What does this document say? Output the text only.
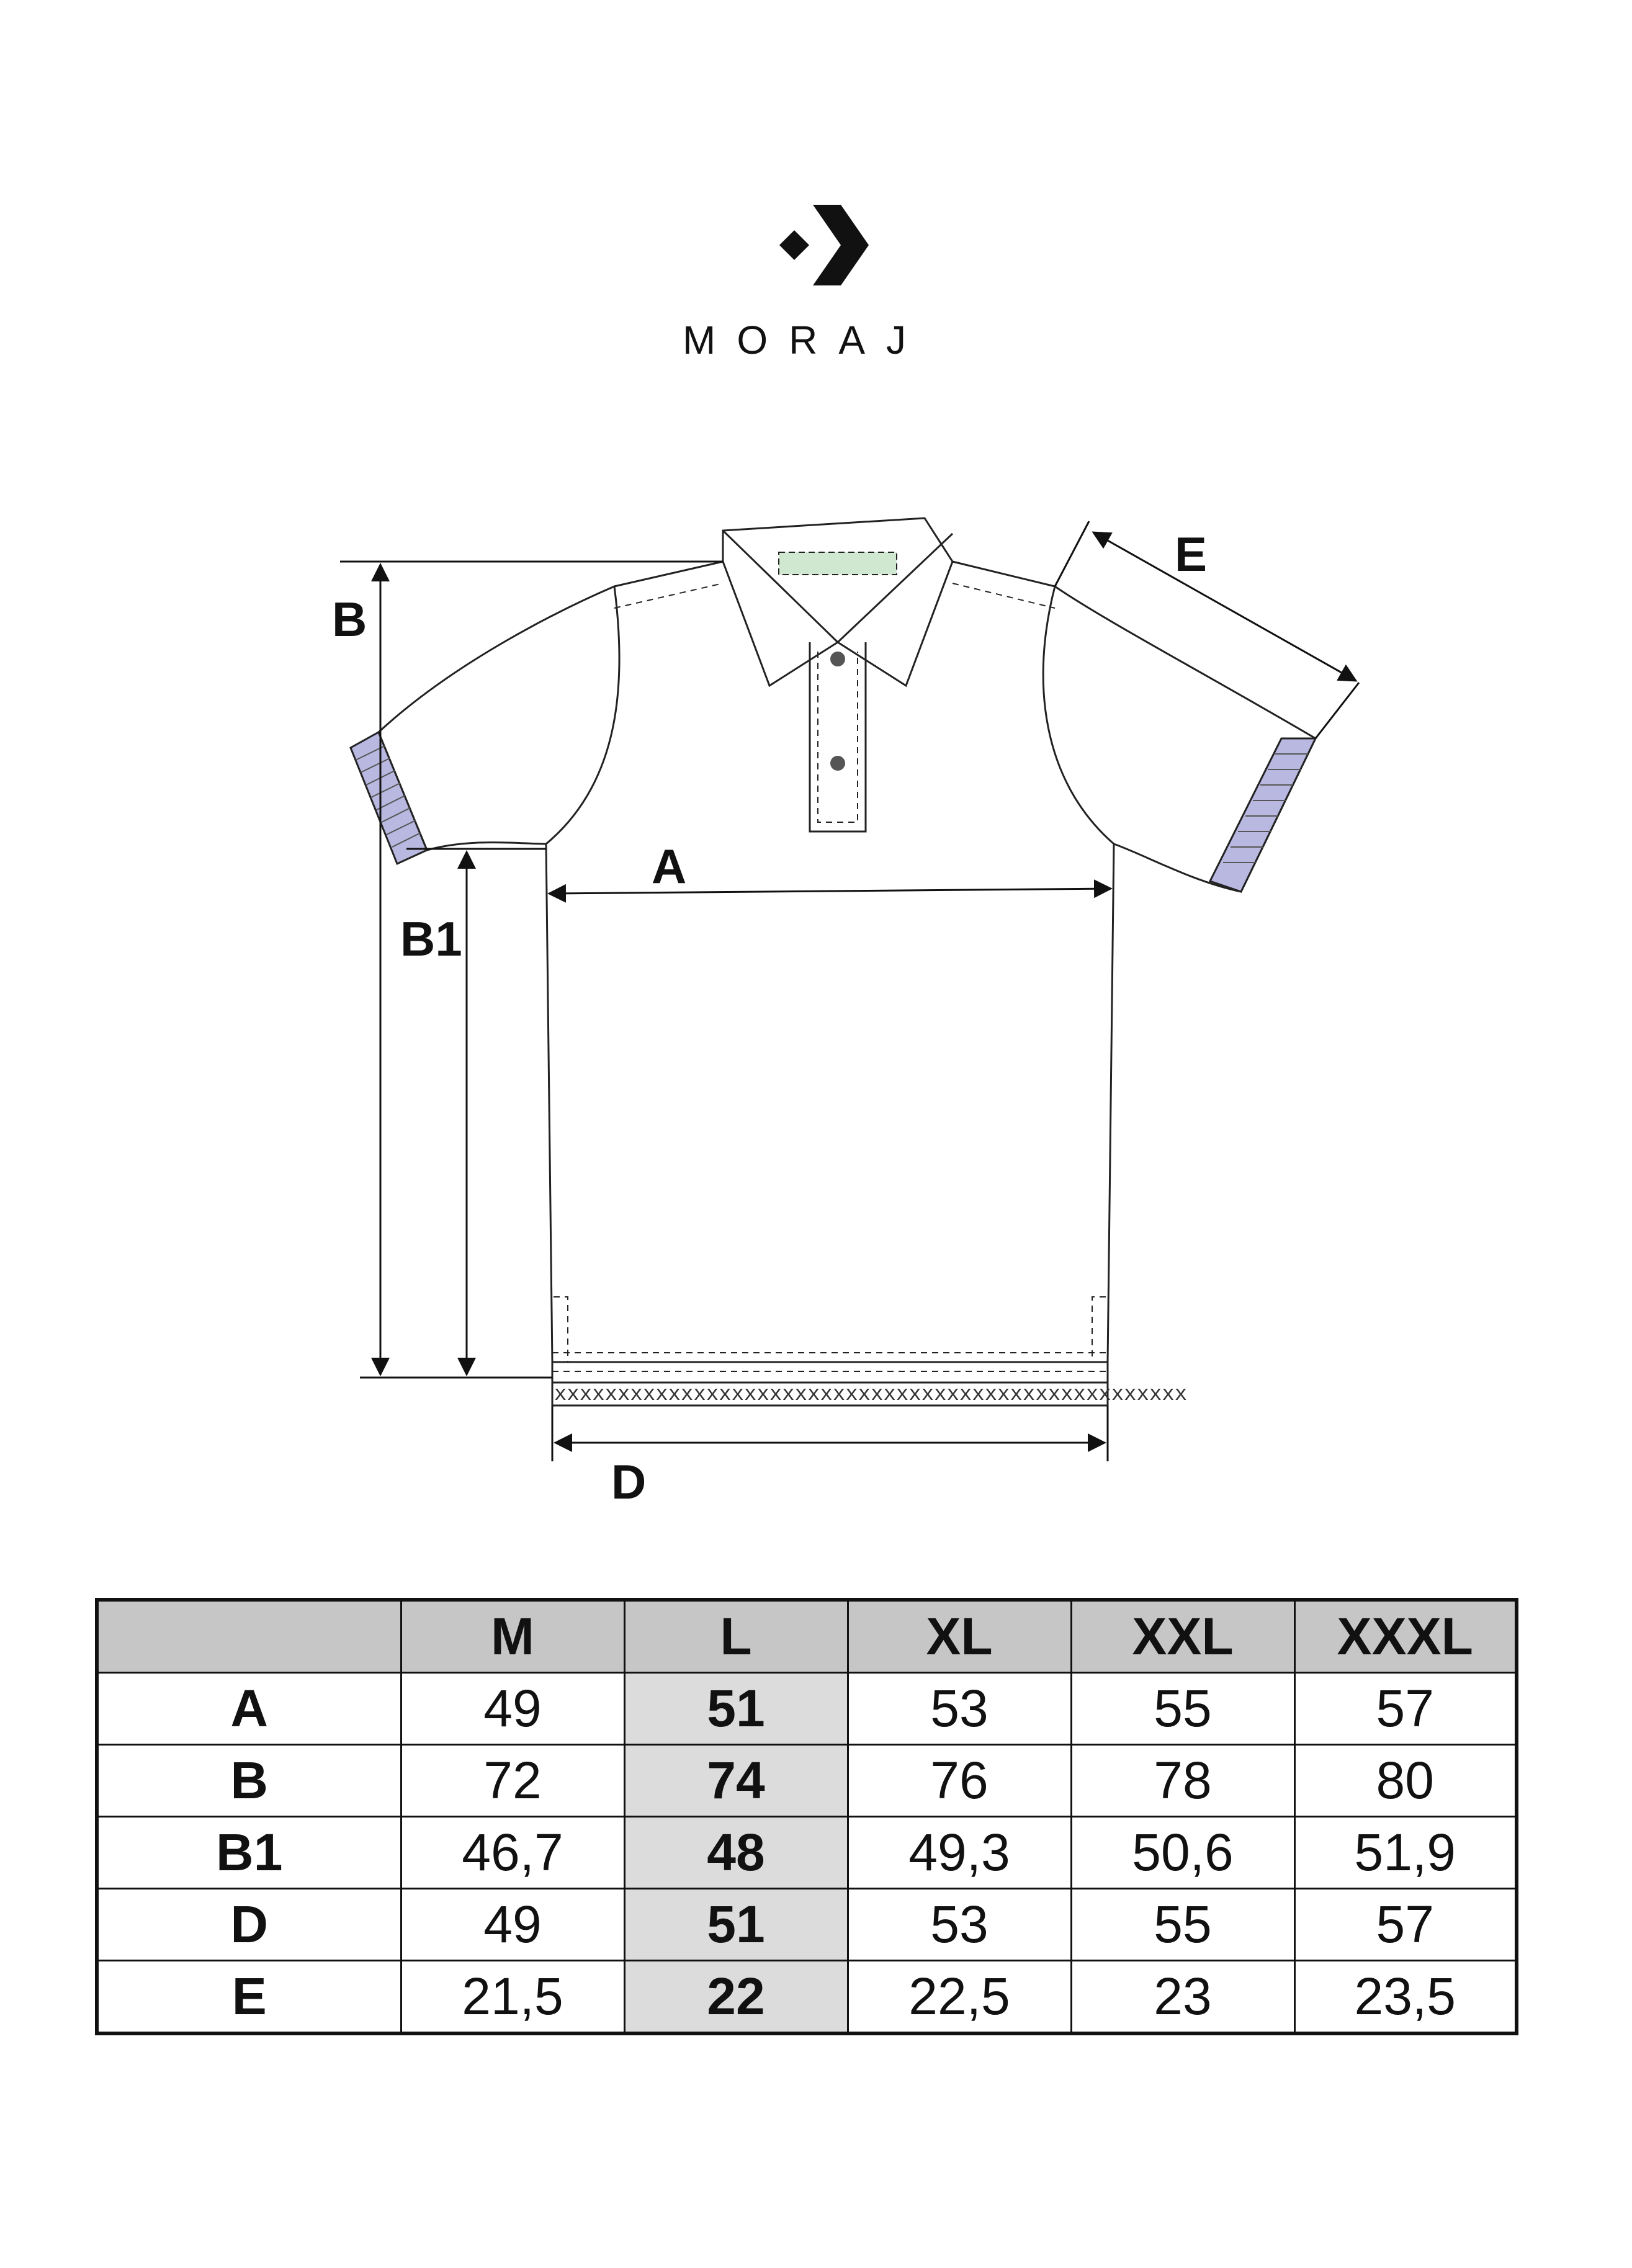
MORAJ
xxxxxxxxxxxxxxxxxxxxxxxxxxxxxxxxxxxxxxxxxxxxxxxxxx
B
B1
A
D
E
	M	L	XL	XXL	XXXL
A	49	51	53	55	57
B	72	74	76	78	80
B1	46,7	48	49,3	50,6	51,9
D	49	51	53	55	57
E	21,5	22	22,5	23	23,5
